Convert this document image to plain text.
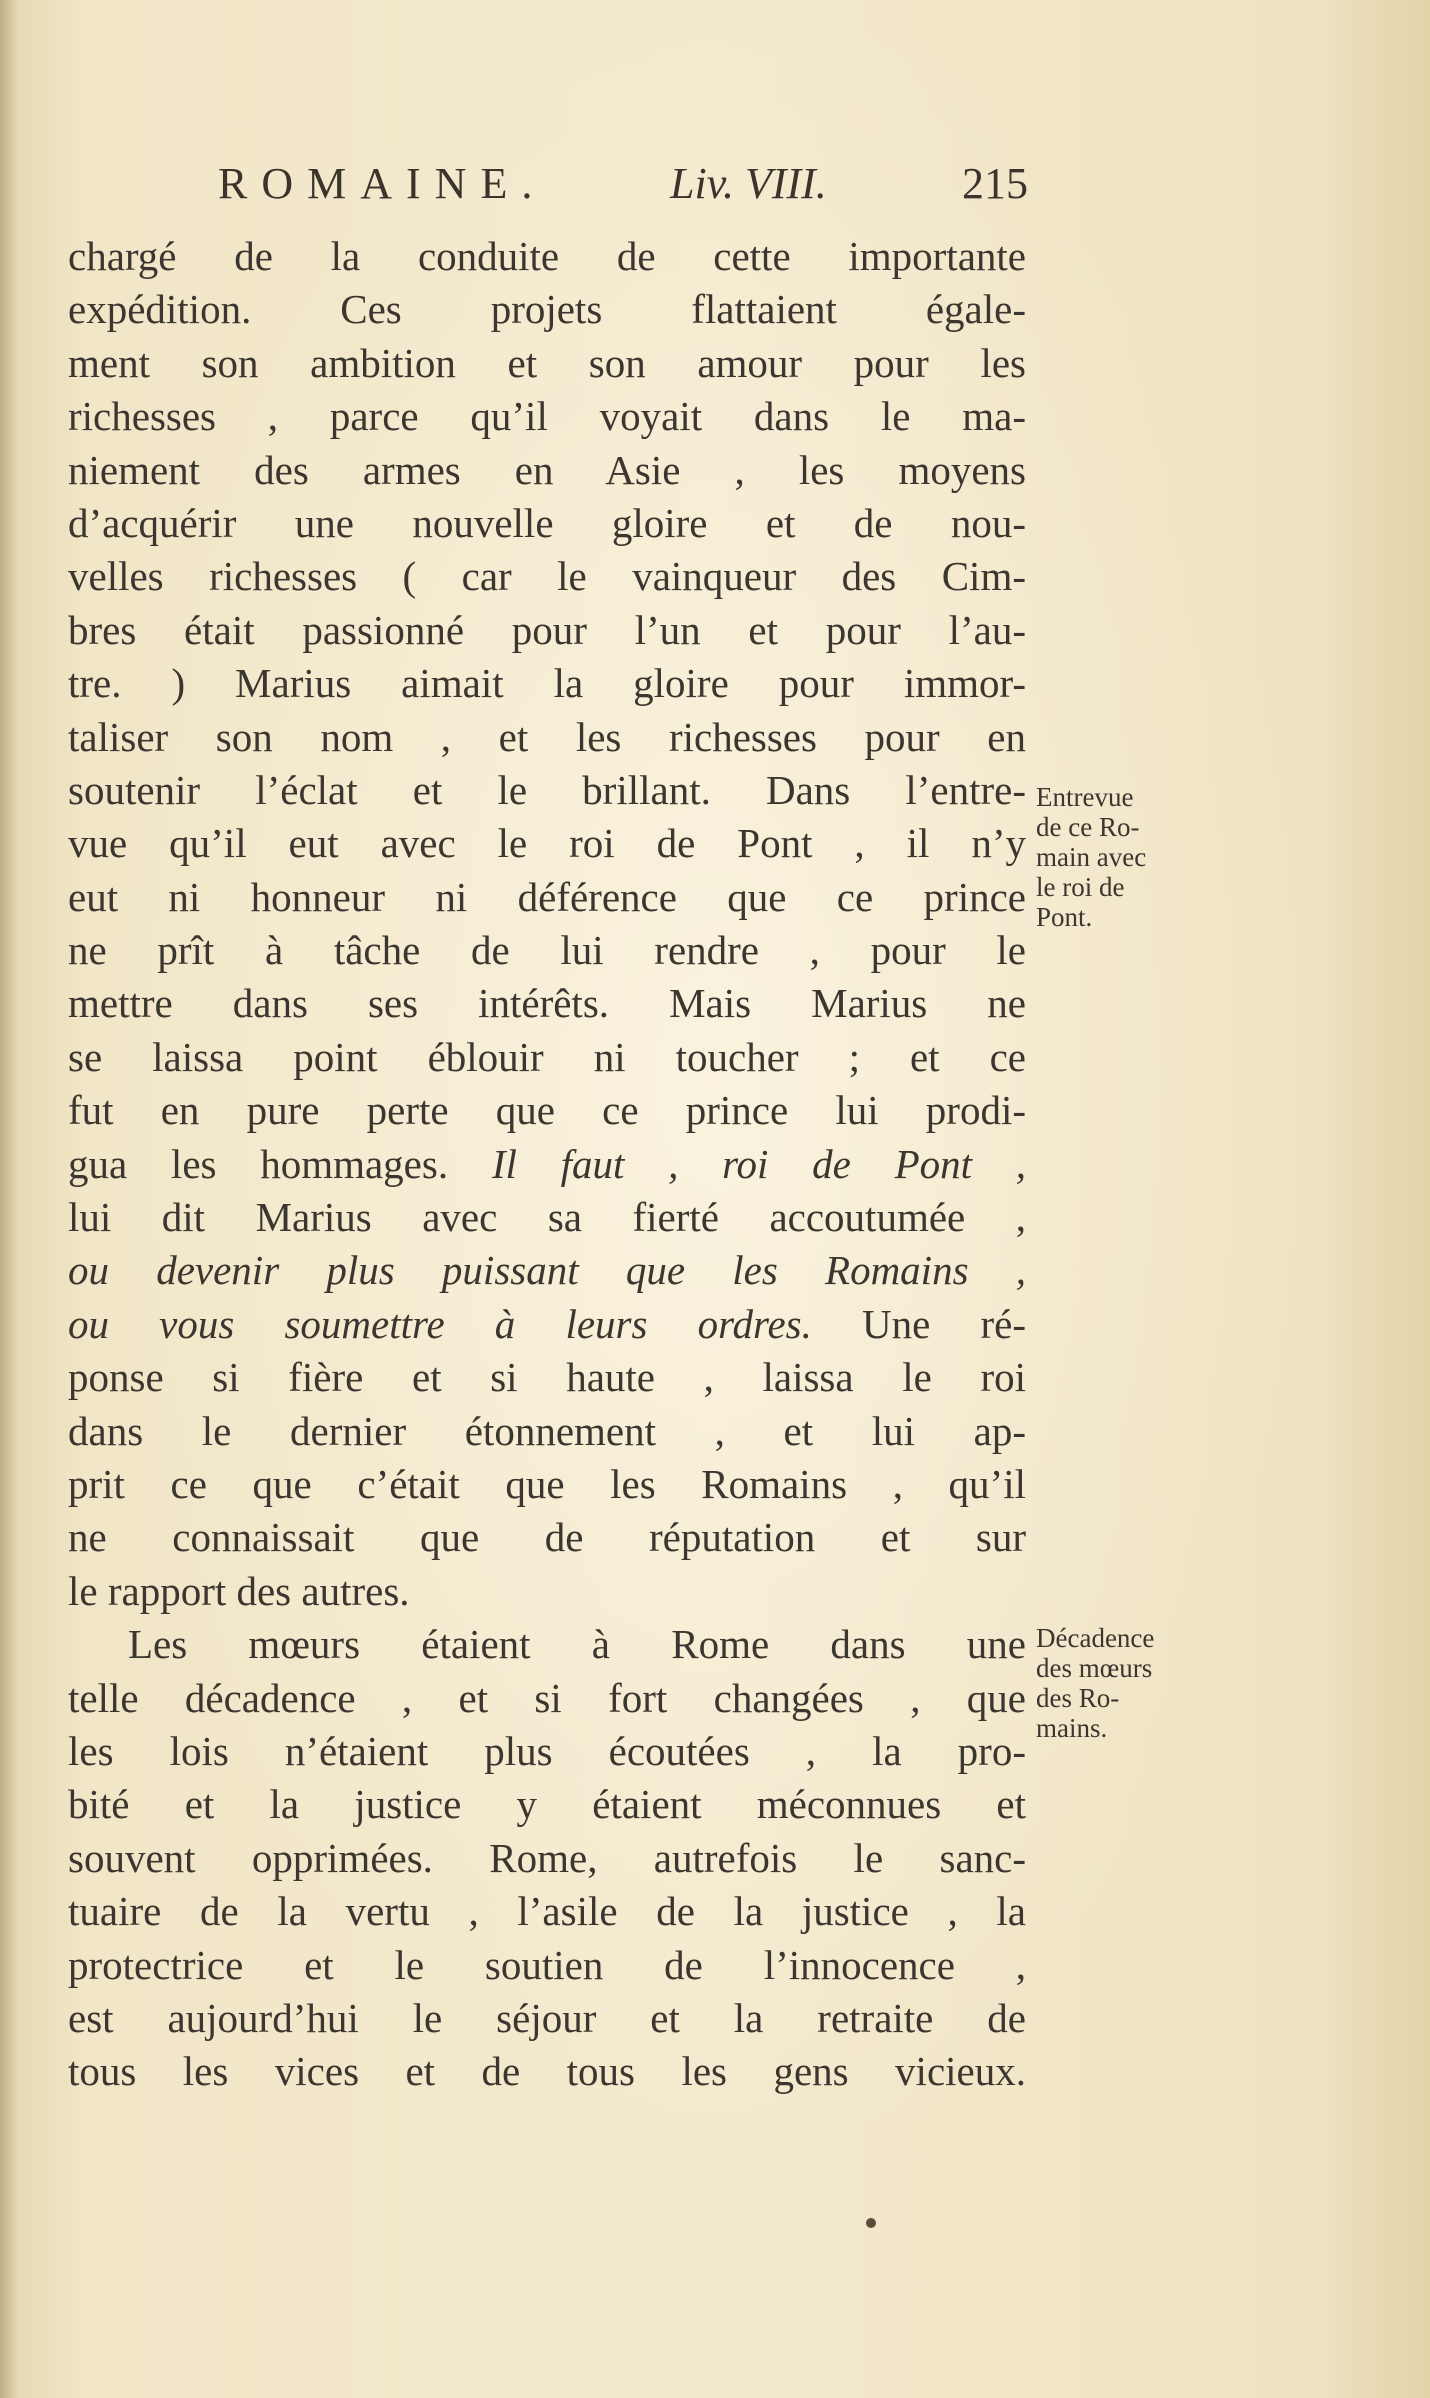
ROMAINE.	Liv. VIII.	215
chargé de la conduite de cette importante
expédition. Ces projets flattaient égale-
ment son ambition et son amour pour les
richesses , parce qu’il voyait dans le ma-
niement des armes en Asie , les moyens
d’acquérir une nouvelle gloire et de nou-
velles richesses ( car le vainqueur des Cim-
bres était passionné pour l’un et pour l’au-
tre. ) Marius aimait la gloire pour immor-
taliser son nom , et les richesses pour en
soutenir l’éclat et le brillant. Dans l’entre-
vue qu’il eut avec le roi de Pont , il n’y
eut ni honneur ni déférence que ce prince
ne prît à tâche de lui rendre , pour le
mettre dans ses intérêts. Mais Marius ne
se laissa point éblouir ni toucher ; et ce
fut en pure perte que ce prince lui prodi-
gua les hommages. Il faut , roi de Pont ,
lui dit Marius avec sa fierté accoutumée ,
ou devenir plus puissant que les Romains ,
ou vous soumettre à leurs ordres. Une ré-
ponse si fière et si haute , laissa le roi
dans le dernier étonnement , et lui ap-
prit ce que c’était que les Romains , qu’il
ne connaissait que de réputation et sur
le rapport des autres.
Les mœurs étaient à Rome dans une
telle décadence , et si fort changées , que
les lois n’étaient plus écoutées , la pro-
bité et la justice y étaient méconnues et
souvent opprimées. Rome, autrefois le sanc-
tuaire de la vertu , l’asile de la justice , la
protectrice et le soutien de l’innocence ,
est aujourd’hui le séjour et la retraite de
tous les vices et de tous les gens vicieux.
Entrevue
de ce Ro-
main avec
le roi de
Pont.
Décadence
des mœurs
des Ro-
mains.
